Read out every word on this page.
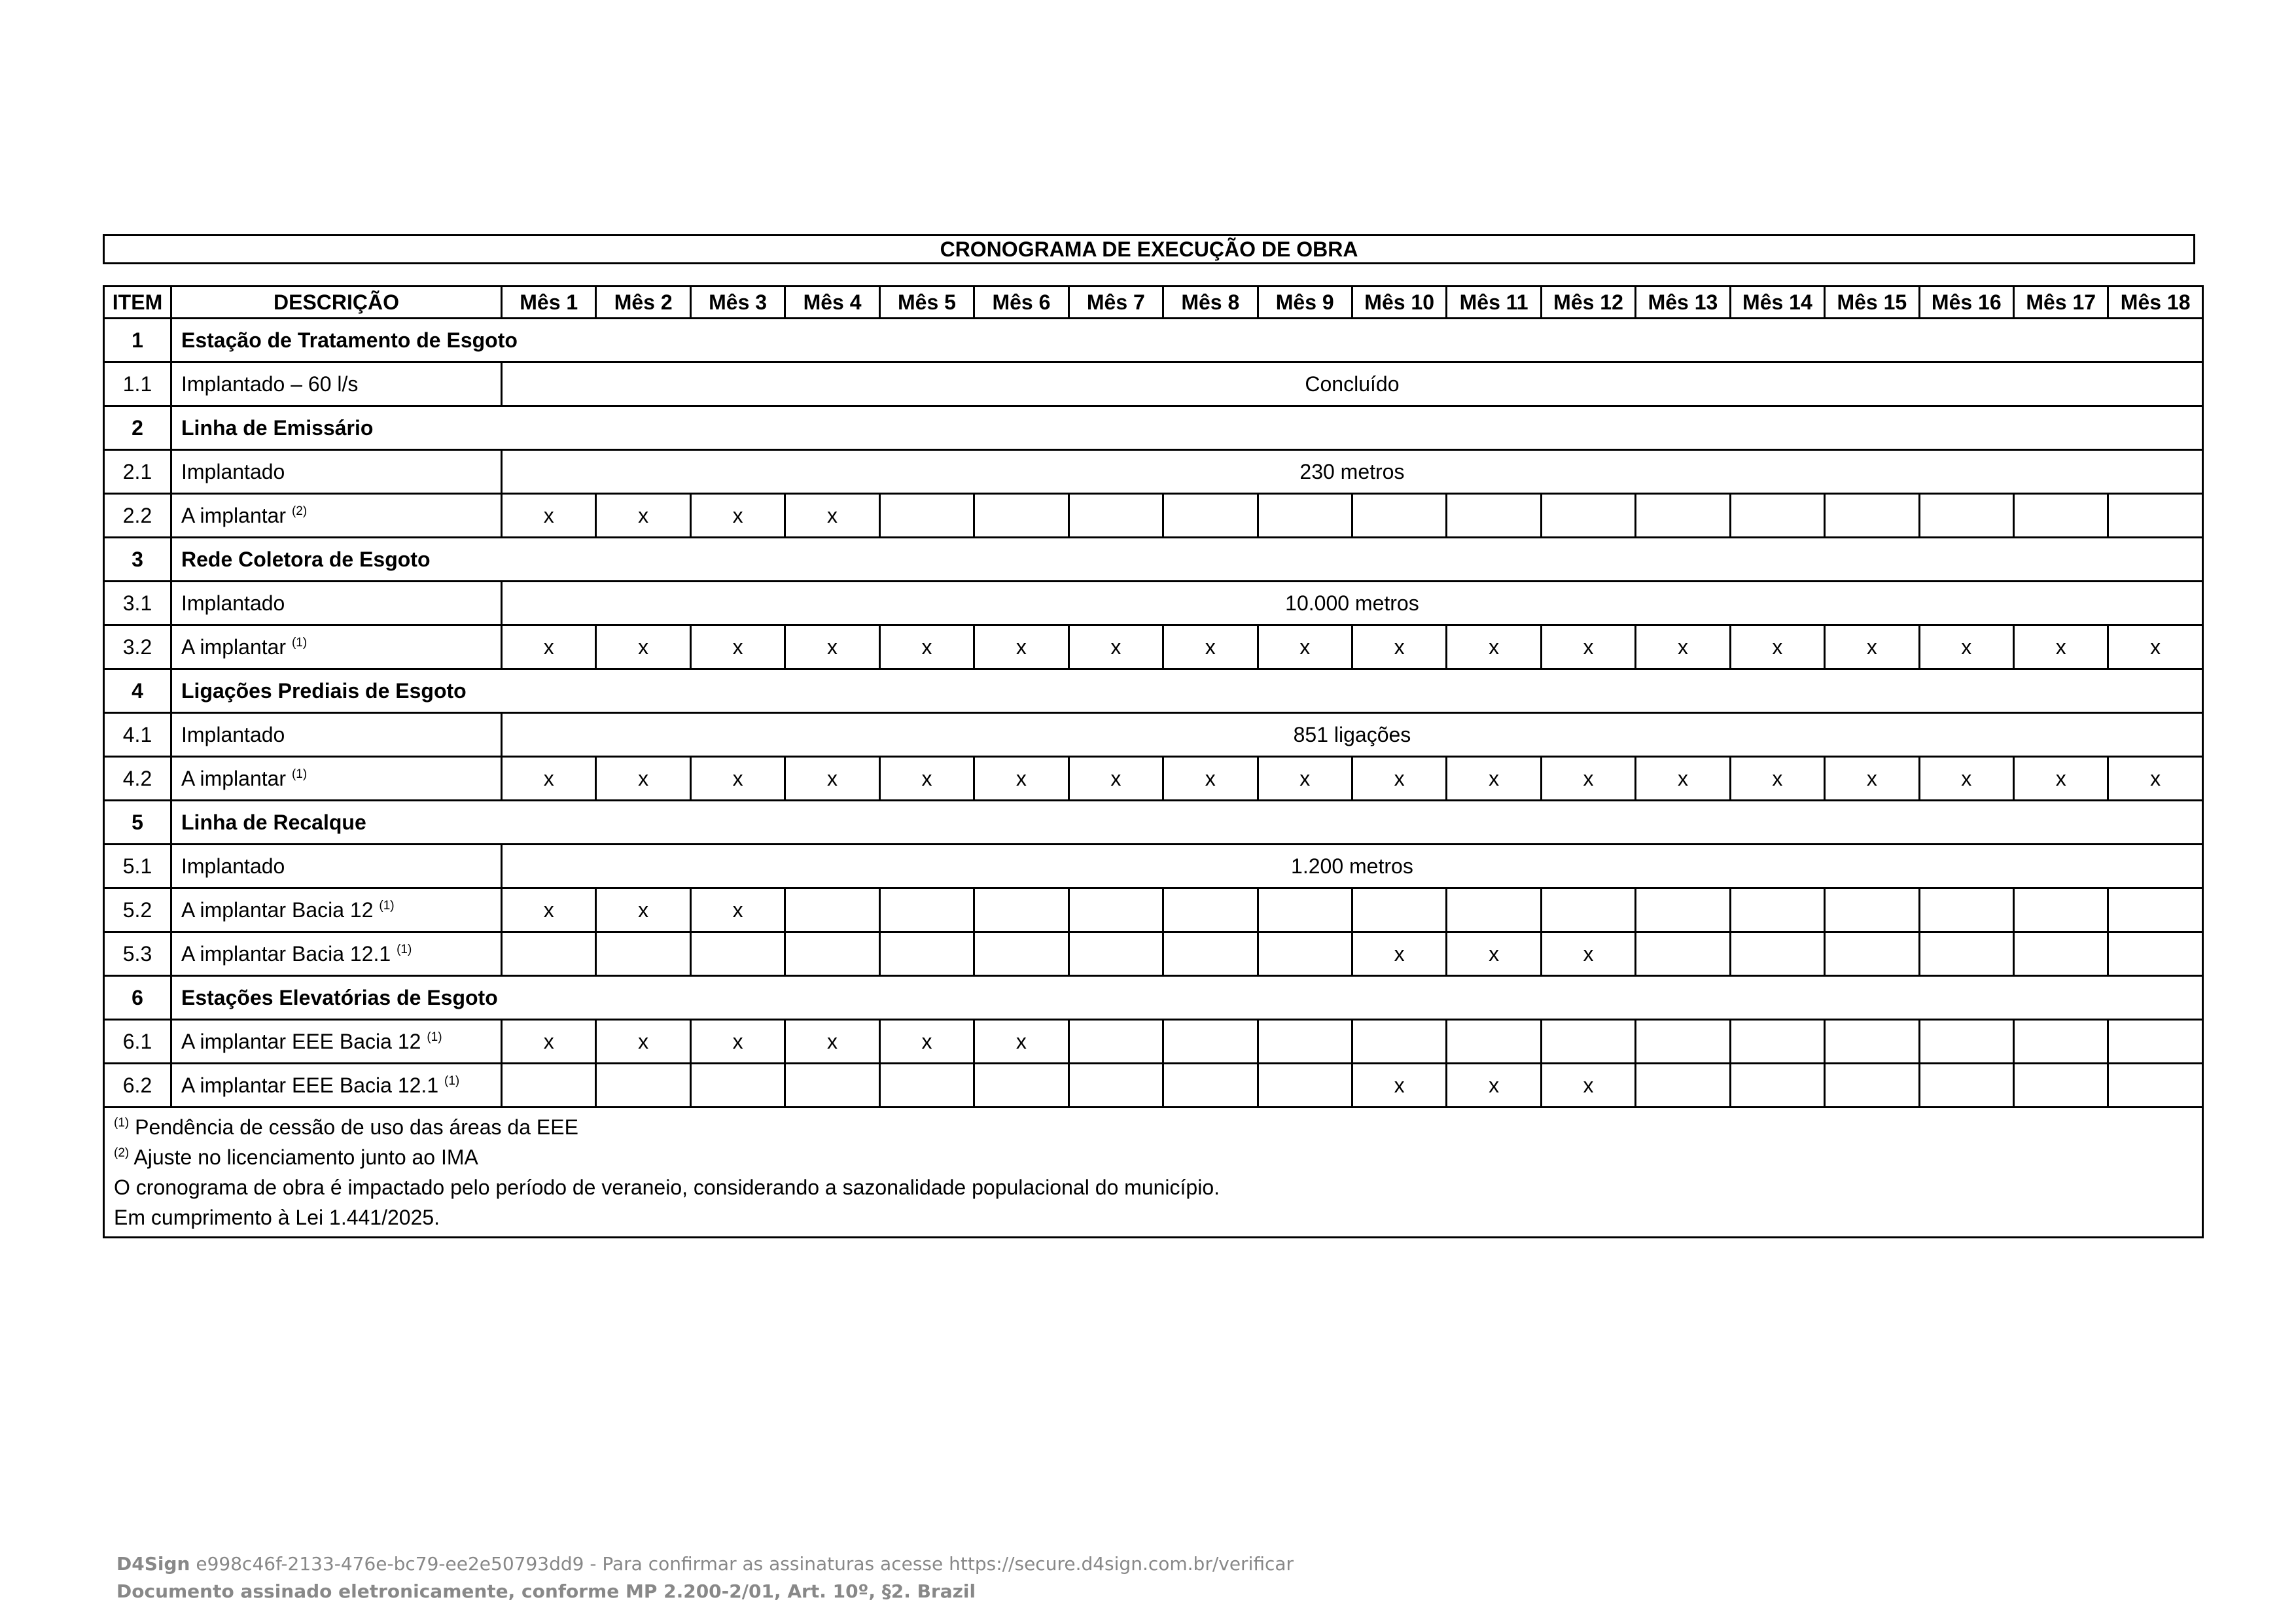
CRONOGRAMA DE EXECUÇÃO DE OBRA
ITEM	DESCRIÇÃO	Mês 1	Mês 2	Mês 3	Mês 4	Mês 5	Mês 6	Mês 7	Mês 8	Mês 9	Mês 10	Mês 11	Mês 12	Mês 13	Mês 14	Mês 15	Mês 16	Mês 17	Mês 18
1	Estação de Tratamento de Esgoto																		
1.1	Implantado – 60 l/s	Concluído																	
2	Linha de Emissário																		
2.1	Implantado	230 metros																	
2.2	A implantar $^{(2)}$	x	x	x	x														
3	Rede Coletora de Esgoto																		
3.1	Implantado	10.000 metros																	
3.2	A implantar $^{(1)}$	x	x	x	x	x	x	x	x	x	x	x	x	x	x	x	x	x	x
4	Ligações Prediais de Esgoto																		
4.1	Implantado	851 ligações																	
4.2	A implantar $^{(1)}$	x	x	x	x	x	x	x	x	x	x	x	x	x	x	x	x	x	x
5	Linha de Recalque																		
5.1	Implantado	1.200 metros																	
5.2	A implantar Bacia 12 $^{(1)}$	x	x	x															
5.3	A implantar Bacia 12.1 $^{(1)}$										x	x	x						
6	Estações Elevatórias de Esgoto																		
6.1	A implantar EEE Bacia 12 $^{(1)}$	x	x	x	x	x	x												
6.2	A implantar EEE Bacia 12.1 $^{(1)}$										x	x	x						

$^{(1)}$ Pendência de cessão de uso das áreas da EEE
$^{(2)}$ Ajuste no licenciamento junto ao IMA
O cronograma de obra é impactado pelo período de veraneio, considerando a sazonalidade populacional do município.
Em cumprimento à Lei 1.441/2025.																			
D4Sign e998c46f-2133-476e-bc79-ee2e50793dd9 - Para confirmar as assinaturas acesse https://secure.d4sign.com.br/verificar
Documento assinado eletronicamente, conforme MP 2.200-2/01, Art. 10º, §2. Brazil
